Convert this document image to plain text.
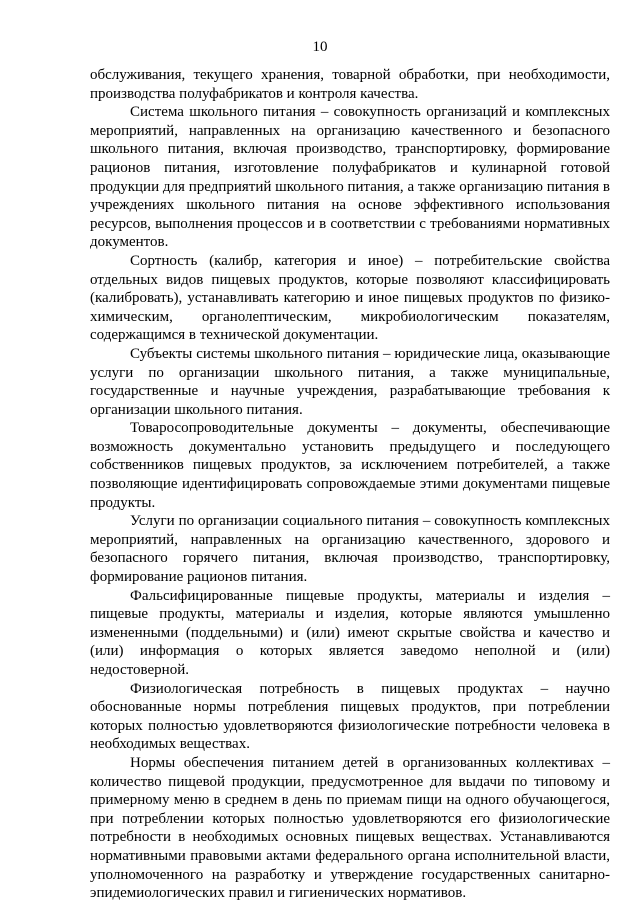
10

обслуживания, текущего хранения, товарной обработки, при необходимости, производства полуфабрикатов и контроля качества.

Система школьного питания – совокупность организаций и комплексных мероприятий, направленных на организацию качественного и безопасного школьного питания, включая производство, транспортировку, формирование рационов питания, изготовление полуфабрикатов и кулинарной готовой продукции для предприятий школьного питания, а также организацию питания в учреждениях школьного питания на основе эффективного использования ресурсов, выполнения процессов и в соответствии с требованиями нормативных документов.

Сортность (калибр, категория и иное) – потребительские свойства отдельных видов пищевых продуктов, которые позволяют классифицировать (калибровать), устанавливать категорию и иное пищевых продуктов по физико-химическим, органолептическим, микробиологическим показателям, содержащимся в технической документации.

Субъекты системы школьного питания – юридические лица, оказывающие услуги по организации школьного питания, а также муниципальные, государственные и научные учреждения, разрабатывающие требования к организации школьного питания.

Товаросопроводительные документы – документы, обеспечивающие возможность документально установить предыдущего и последующего собственников пищевых продуктов, за исключением потребителей, а также позволяющие идентифицировать сопровождаемые этими документами пищевые продукты.

Услуги по организации социального питания – совокупность комплексных мероприятий, направленных на организацию качественного, здорового и безопасного горячего питания, включая производство, транспортировку, формирование рационов питания.

Фальсифицированные пищевые продукты, материалы и изделия – пищевые продукты, материалы и изделия, которые являются умышленно измененными (поддельными) и (или) имеют скрытые свойства и качество и (или) информация о которых является заведомо неполной и (или) недостоверной.

Физиологическая потребность в пищевых продуктах – научно обоснованные нормы потребления пищевых продуктов, при потреблении которых полностью удовлетворяются физиологические потребности человека в необходимых веществах.

Нормы обеспечения питанием детей в организованных коллективах – количество пищевой продукции, предусмотренное для выдачи по типовому и примерному меню в среднем в день по приемам пищи на одного обучающегося, при потреблении которых полностью удовлетворяются его физиологические потребности в необходимых основных пищевых веществах. Устанавливаются нормативными правовыми актами федерального органа исполнительной власти, уполномоченного на разработку и утверждение государственных санитарно-эпидемиологических правил и гигиенических нормативов.
